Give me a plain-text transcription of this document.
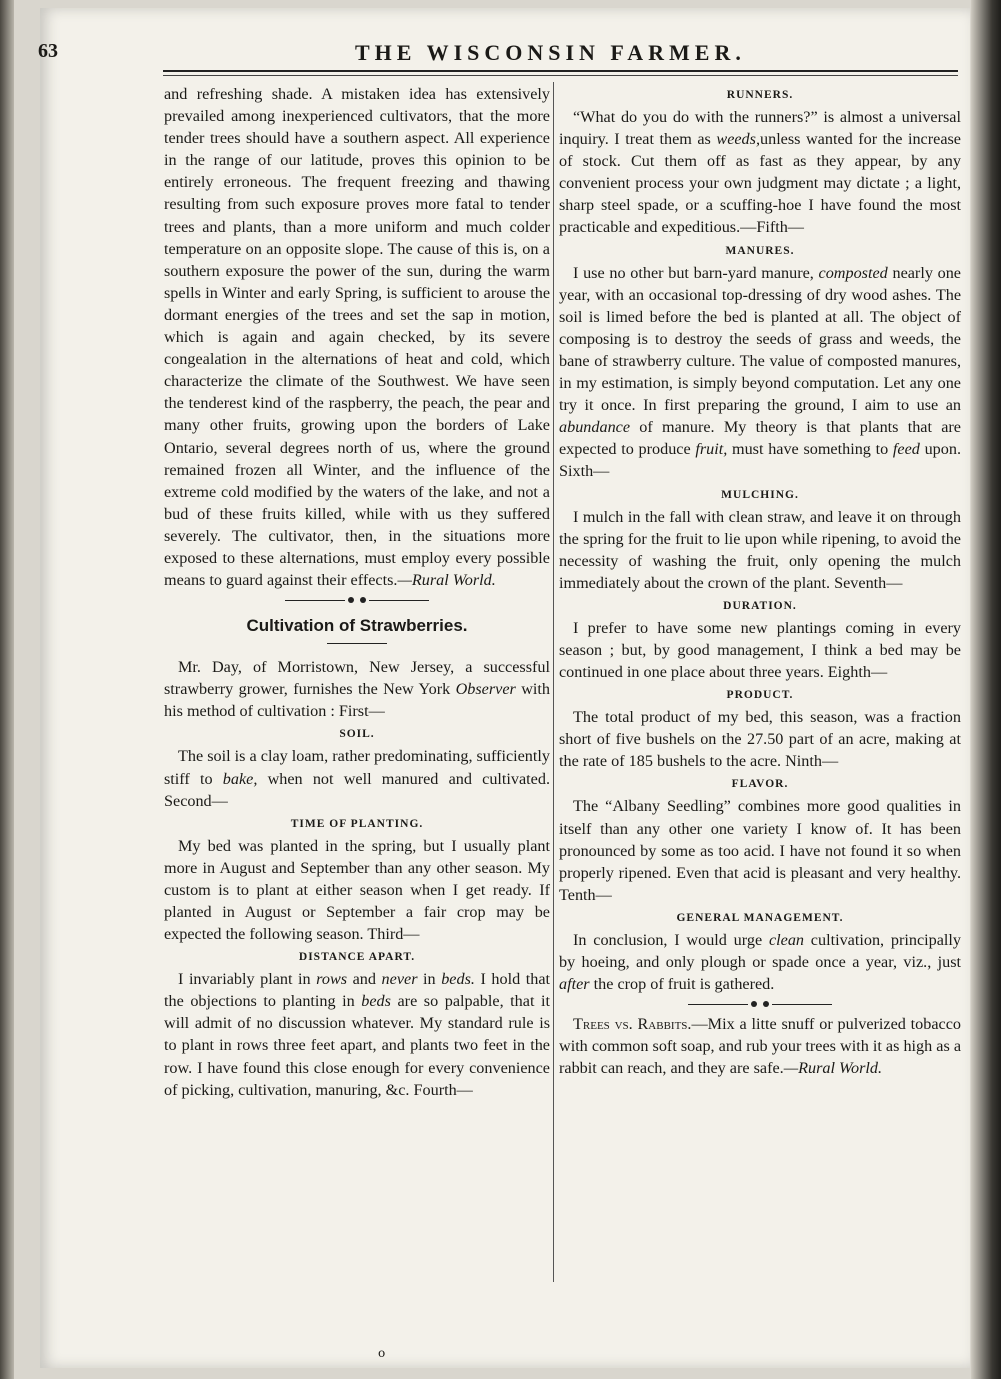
63	THE WISCONSIN FARMER.

and refreshing shade. A mistaken idea has extensively prevailed among inexperienced cultivators, that the more tender trees should have a southern aspect. All experience in the range of our latitude, proves this opinion to be entirely erroneous. The frequent freezing and thawing resulting from such exposure proves more fatal to tender trees and plants, than a more uniform and much colder temperature on an opposite slope. The cause of this is, on a southern exposure the power of the sun, during the warm spells in Winter and early Spring, is sufficient to arouse the dormant energies of the trees and set the sap in motion, which is again and again checked, by its severe congealation in the alternations of heat and cold, which characterize the climate of the Southwest. We have seen the tenderest kind of the raspberry, the peach, the pear and many other fruits, growing upon the borders of Lake Ontario, several degrees north of us, where the ground remained frozen all Winter, and the influence of the extreme cold modified by the waters of the lake, and not a bud of these fruits killed, while with us they suffered severely. The cultivator, then, in the situations more exposed to these alternations, must employ every possible means to guard against their effects.—Rural World.

Cultivation of Strawberries.

Mr. Day, of Morristown, New Jersey, a successful strawberry grower, furnishes the New York Observer with his method of cultivation : First—

SOIL.

The soil is a clay loam, rather predominating, sufficiently stiff to bake, when not well manured and cultivated. Second—

TIME OF PLANTING.

My bed was planted in the spring, but I usually plant more in August and September than any other season. My custom is to plant at either season when I get ready. If planted in August or September a fair crop may be expected the following season. Third—

DISTANCE APART.

I invariably plant in rows and never in beds. I hold that the objections to planting in beds are so palpable, that it will admit of no discussion whatever. My standard rule is to plant in rows three feet apart, and plants two feet in the row. I have found this close enough for every convenience of picking, cultivation, manuring, &c. Fourth—

RUNNERS.

“What do you do with the runners?” is almost a universal inquiry. I treat them as weeds,unless wanted for the increase of stock. Cut them off as fast as they appear, by any convenient process your own judgment may dictate ; a light, sharp steel spade, or a scuffing-hoe I have found the most practicable and expeditious.—Fifth—

MANURES.

I use no other but barn-yard manure, composted nearly one year, with an occasional top-dressing of dry wood ashes. The soil is limed before the bed is planted at all. The object of composing is to destroy the seeds of grass and weeds, the bane of strawberry culture. The value of composted manures, in my estimation, is simply beyond computation. Let any one try it once. In first preparing the ground, I aim to use an abundance of manure. My theory is that plants that are expected to produce fruit, must have something to feed upon. Sixth—

MULCHING.

I mulch in the fall with clean straw, and leave it on through the spring for the fruit to lie upon while ripening, to avoid the necessity of washing the fruit, only opening the mulch immediately about the crown of the plant. Seventh—

DURATION.

I prefer to have some new plantings coming in every season ; but, by good management, I think a bed may be continued in one place about three years. Eighth—

PRODUCT.

The total product of my bed, this season, was a fraction short of five bushels on the 27.50 part of an acre, making at the rate of 185 bushels to the acre. Ninth—

FLAVOR.

The “Albany Seedling” combines more good qualities in itself than any other one variety I know of. It has been pronounced by some as too acid. I have not found it so when properly ripened. Even that acid is pleasant and very healthy. Tenth—

GENERAL MANAGEMENT.

In conclusion, I would urge clean cultivation, principally by hoeing, and only plough or spade once a year, viz., just after the crop of fruit is gathered.

Trees vs. Rabbits.—Mix a litte snuff or pulverized tobacco with common soft soap, and rub your trees with it as high as a rabbit can reach, and they are safe.—Rural World.

o
